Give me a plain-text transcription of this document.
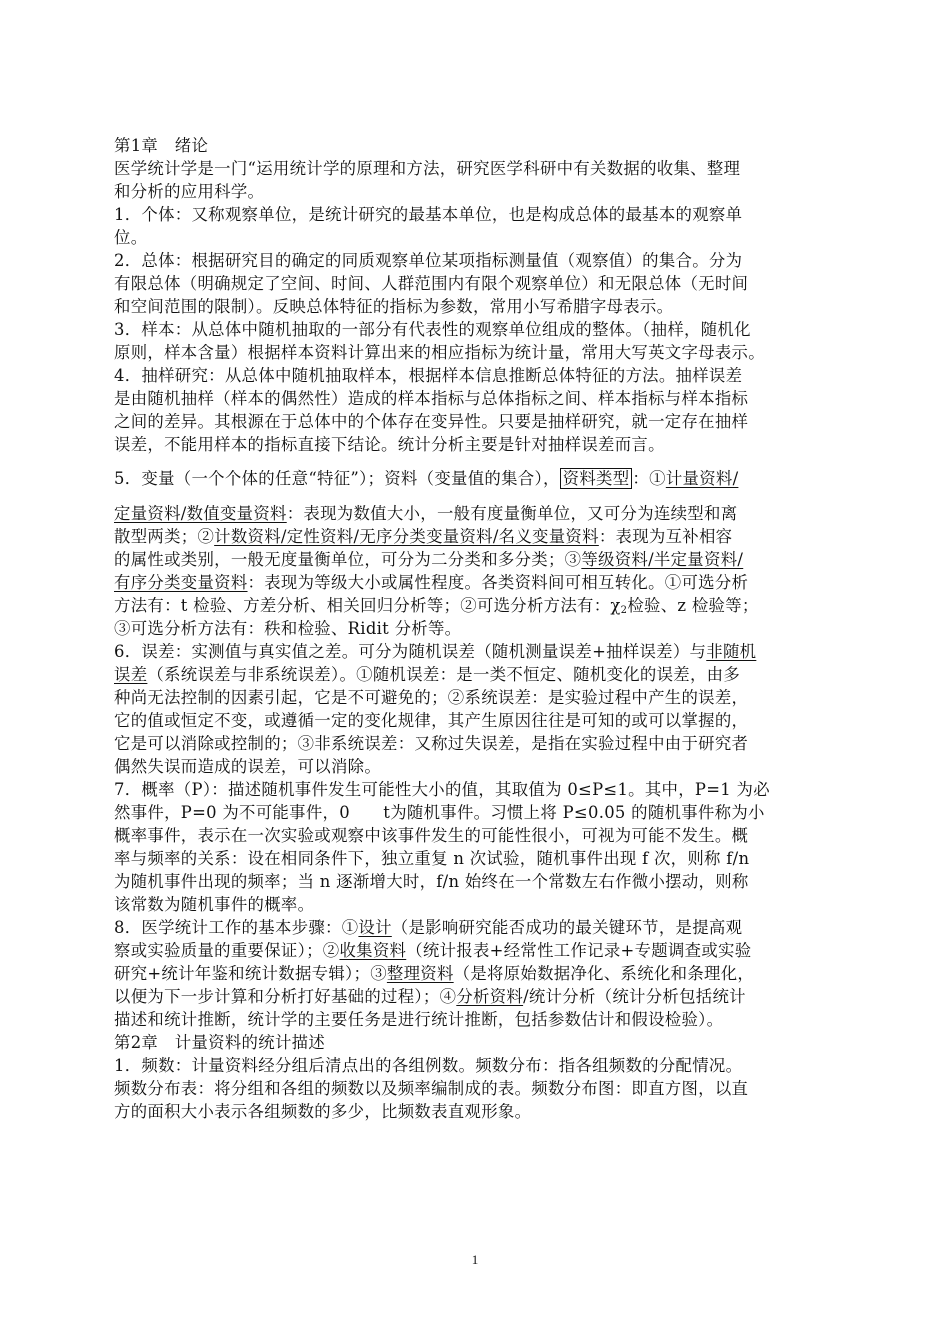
第1章　绪论
医学统计学是一门“运用统计学的原理和方法，研究医学科研中有关数据的收集、整理
和分析的应用科学。
1．个体：又称观察单位，是统计研究的最基本单位，也是构成总体的最基本的观察单
位。
2．总体：根据研究目的确定的同质观察单位某项指标测量值（观察值）的集合。分为
有限总体（明确规定了空间、时间、人群范围内有限个观察单位）和无限总体（无时间
和空间范围的限制）。反映总体特征的指标为参数，常用小写希腊字母表示。
3．样本：从总体中随机抽取的一部分有代表性的观察单位组成的整体。（抽样，随机化
原则，样本含量）根据样本资料计算出来的相应指标为统计量，常用大写英文字母表示。
4．抽样研究：从总体中随机抽取样本，根据样本信息推断总体特征的方法。抽样误差
是由随机抽样（样本的偶然性）造成的样本指标与总体指标之间、样本指标与样本指标
之间的差异。其根源在于总体中的个体存在变异性。只要是抽样研究，就一定存在抽样
误差，不能用样本的指标直接下结论。统计分析主要是针对抽样误差而言。
5．变量（一个个体的任意“特征”）；资料（变量值的集合）， 资料类型 ：①计量资料/
定量资料/数值变量资料：表现为数值大小，一般有度量衡单位，又可分为连续型和离
散型两类；②计数资料/定性资料/无序分类变量资料/名义变量资料：表现为互补相容
的属性或类别，一般无度量衡单位，可分为二分类和多分类；③等级资料/半定量资料/
有序分类变量资料：表现为等级大小或属性程度。各类资料间可相互转化。①可选分析
方法有：t 检验、方差分析、相关回归分析等；②可选分析方法有：$\chi_2$检验、z 检验等；
③可选分析方法有：秩和检验、Ridit 分析等。
6．误差：实测值与真实值之差。可分为随机误差（随机测量误差+抽样误差）与非随机
误差（系统误差与非系统误差）。①随机误差：是一类不恒定、随机变化的误差，由多
种尚无法控制的因素引起，它是不可避免的；②系统误差：是实验过程中产生的误差，
它的值或恒定不变，或遵循一定的变化规律，其产生原因往往是可知的或可以掌握的，
它是可以消除或控制的；③非系统误差：又称过失误差，是指在实验过程中由于研究者
偶然失误而造成的误差，可以消除。
7．概率（P）：描述随机事件发生可能性大小的值，其取值为 0≤P≤1。其中，P=1 为必
然事件，P=0 为不可能事件，0　　t为随机事件。习惯上将 P≤0.05 的随机事件称为小
概率事件，表示在一次实验或观察中该事件发生的可能性很小，可视为可能不发生。概
率与频率的关系：设在相同条件下，独立重复 n 次试验，随机事件出现 f 次，则称 f/n
为随机事件出现的频率；当 n 逐渐增大时，f/n 始终在一个常数左右作微小摆动，则称
该常数为随机事件的概率。
8．医学统计工作的基本步骤：①设计（是影响研究能否成功的最关键环节，是提高观
察或实验质量的重要保证）；②收集资料（统计报表+经常性工作记录+专题调查或实验
研究+统计年鉴和统计数据专辑）；③整理资料（是将原始数据净化、系统化和条理化，
以便为下一步计算和分析打好基础的过程）；④分析资料/统计分析（统计分析包括统计
描述和统计推断，统计学的主要任务是进行统计推断，包括参数估计和假设检验）。
第2章　计量资料的统计描述
1．频数：计量资料经分组后清点出的各组例数。频数分布：指各组频数的分配情况。
频数分布表：将分组和各组的频数以及频率编制成的表。频数分布图：即直方图，以直
方的面积大小表示各组频数的多少，比频数表直观形象。
1
